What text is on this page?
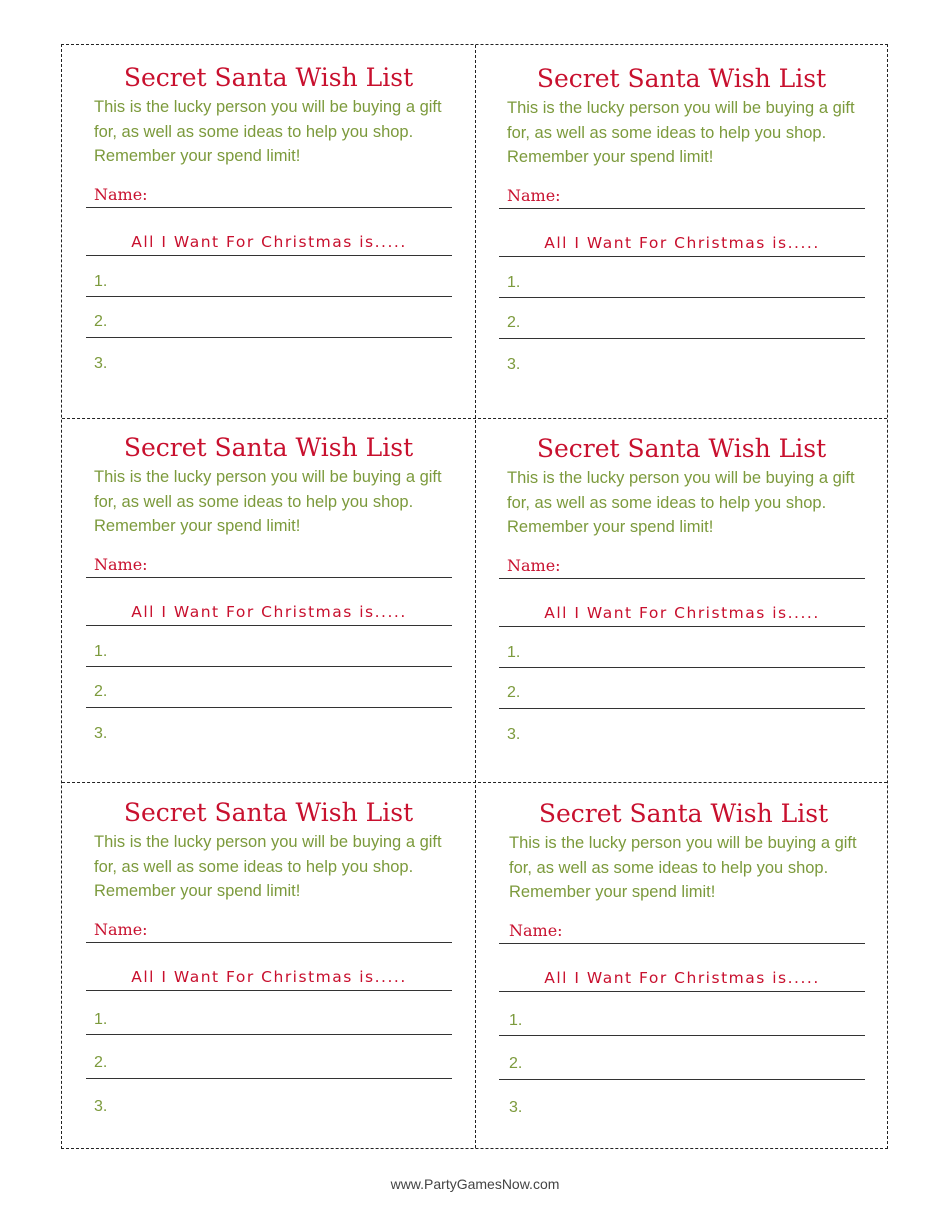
Secret Santa Wish List
This is the lucky person you will be buying a gift for, as well as some ideas to help you shop. Remember your spend limit!
Name:
All I Want For Christmas is.....
1.
2.
3.
Secret Santa Wish List
This is the lucky person you will be buying a gift for, as well as some ideas to help you shop. Remember your spend limit!
Name:
All I Want For Christmas is.....
1.
2.
3.
Secret Santa Wish List
This is the lucky person you will be buying a gift for, as well as some ideas to help you shop. Remember your spend limit!
Name:
All I Want For Christmas is.....
1.
2.
3.
Secret Santa Wish List
This is the lucky person you will be buying a gift for, as well as some ideas to help you shop. Remember your spend limit!
Name:
All I Want For Christmas is.....
1.
2.
3.
Secret Santa Wish List
This is the lucky person you will be buying a gift for, as well as some ideas to help you shop. Remember your spend limit!
Name:
All I Want For Christmas is.....
1.
2.
3.
Secret Santa Wish List
This is the lucky person you will be buying a gift for, as well as some ideas to help you shop. Remember your spend limit!
Name:
All I Want For Christmas is.....
1.
2.
3.
www.PartyGamesNow.com
